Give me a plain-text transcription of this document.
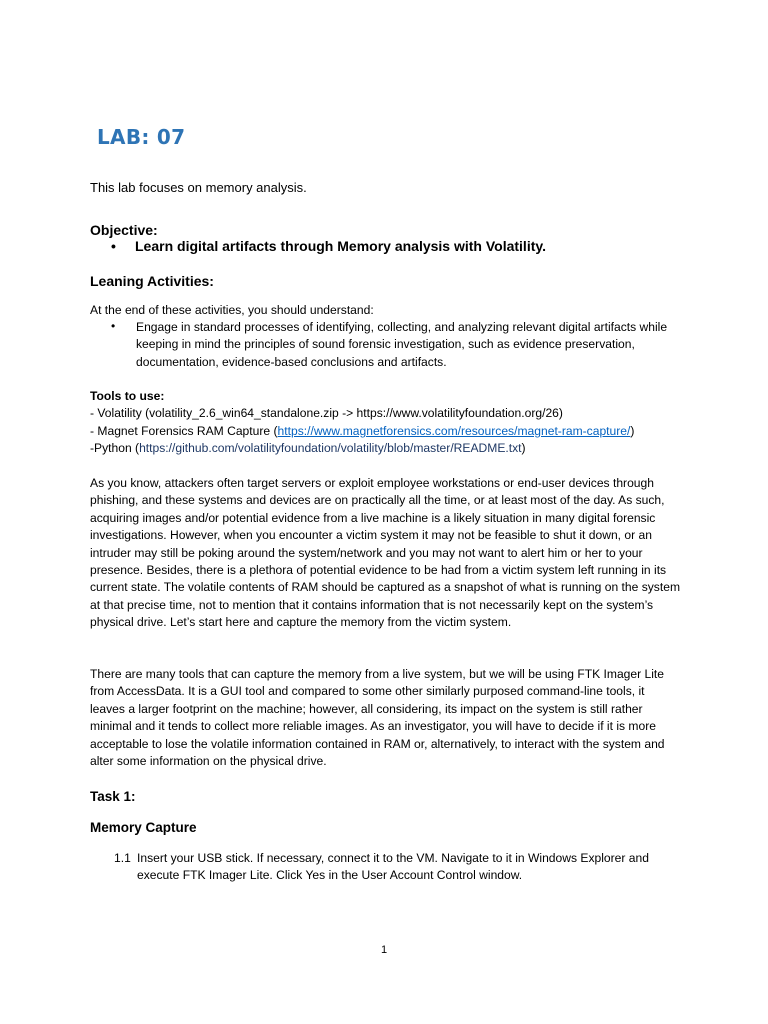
LAB: 07
This lab focuses on memory analysis.
Objective:
• Learn digital artifacts through Memory analysis with Volatility.
Leaning Activities:
At the end of these activities, you should understand:
• Engage in standard processes of identifying, collecting, and analyzing relevant digital artifacts while keeping in mind the principles of sound forensic investigation, such as evidence preservation, documentation, evidence-based conclusions and artifacts.
Tools to use:
- Volatility (volatility_2.6_win64_standalone.zip -> https://www.volatilityfoundation.org/26)
- Magnet Forensics RAM Capture (https://www.magnetforensics.com/resources/magnet-ram-capture/)
-Python (https://github.com/volatilityfoundation/volatility/blob/master/README.txt)
As you know, attackers often target servers or exploit employee workstations or end-user devices through phishing, and these systems and devices are on practically all the time, or at least most of the day. As such, acquiring images and/or potential evidence from a live machine is a likely situation in many digital forensic investigations. However, when you encounter a victim system it may not be feasible to shut it down, or an intruder may still be poking around the system/network and you may not want to alert him or her to your presence. Besides, there is a plethora of potential evidence to be had from a victim system left running in its current state. The volatile contents of RAM should be captured as a snapshot of what is running on the system at that precise time, not to mention that it contains information that is not necessarily kept on the system’s physical drive. Let’s start here and capture the memory from the victim system.
There are many tools that can capture the memory from a live system, but we will be using FTK Imager Lite from AccessData. It is a GUI tool and compared to some other similarly purposed command-line tools, it leaves a larger footprint on the machine; however, all considering, its impact on the system is still rather minimal and it tends to collect more reliable images. As an investigator, you will have to decide if it is more acceptable to lose the volatile information contained in RAM or, alternatively, to interact with the system and alter some information on the physical drive.
Task 1:
Memory Capture
1.1 Insert your USB stick. If necessary, connect it to the VM. Navigate to it in Windows Explorer and execute FTK Imager Lite. Click Yes in the User Account Control window.
1
